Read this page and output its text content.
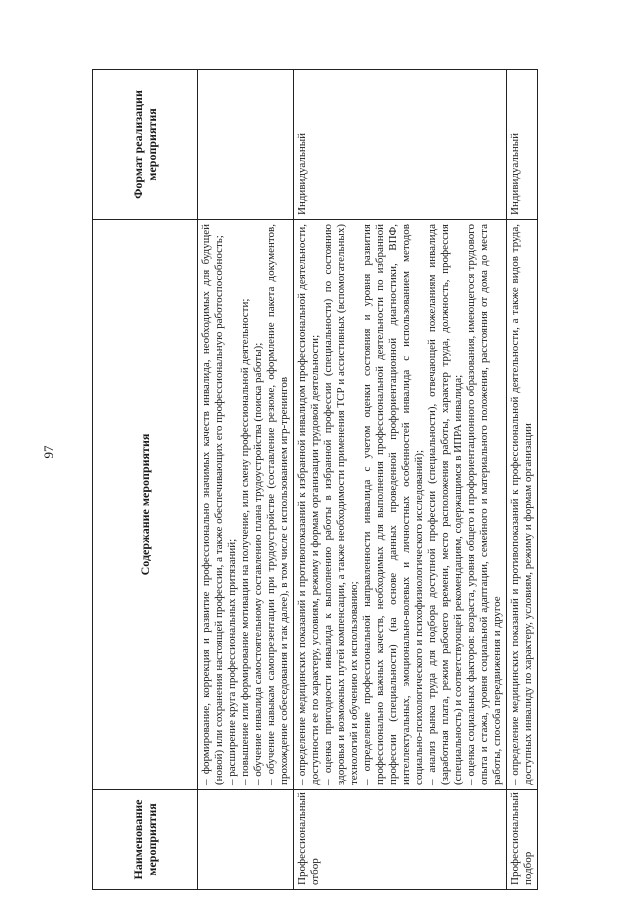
97
Наименование мероприятия	Содержание мероприятия	Формат реализации мероприятия

	– формирование, коррекция и развитие профессионально значимых качеств инвалида, необходимых для будущей (новой) или сохранения настоящей профессии, а также обеспечивающих его профессиональную работоспособность; – расширение круга профессиональных притязаний; – повышение или формирование мотивации на получение, или смену профессиональной деятельности; – обучение инвалида самостоятельному составлению плана трудоустройства (поиска работы); – обучение навыкам самопрезентации при трудоустройстве (составление резюме, оформление пакета документов, прохождение собеседования и так далее), в том числе с использованием игр-тренингов	

Профессиональный отбор	– определение медицинских показаний и противопоказаний к избранной инвалидом профессиональной деятельности, доступности ее по характеру, условиям, режиму и формам организации трудовой деятельности; – оценка пригодности инвалида к выполнению работы в избранной профессии (специальности) по состоянию здоровья и возможных путей компенсации, а также необходимости применения ТСР и ассистивных (вспомогательных) технологий и обучению их использованию; – определение профессиональной направленности инвалида с учетом оценки состояния и уровня развития профессионально важных качеств, необходимых для выполнения профессиональной деятельности по избранной профессии (специальности) (на основе данных проведенной профориентационной диагностики, ВПФ, интеллектуальных, эмоционально-волевых и личностных особенностей инвалида с использованием методов социально-психологического и психофизиологического исследований); – анализ рынка труда для подбора доступной профессии (специальности), отвечающей пожеланиям инвалида (заработная плата, режим рабочего времени, место расположения работы, характер труда, должность, профессия (специальность) и соответствующей рекомендациям, содержащимся в ИПРА инвалида; – оценка социальных факторов: возраста, уровня общего и профориентационного образования, имеющегося трудового опыта и стажа, уровня социальной адаптации, семейного и материального положения, расстояния от дома до места работы, способа передвижения и другое	Индивидуальный
Профессиональный подбор	– определение медицинских показаний и противопоказаний к профессиональной деятельности, а также видов труда, доступных инвалиду по характеру, условиям, режиму и формам организации	Индивидуальный
